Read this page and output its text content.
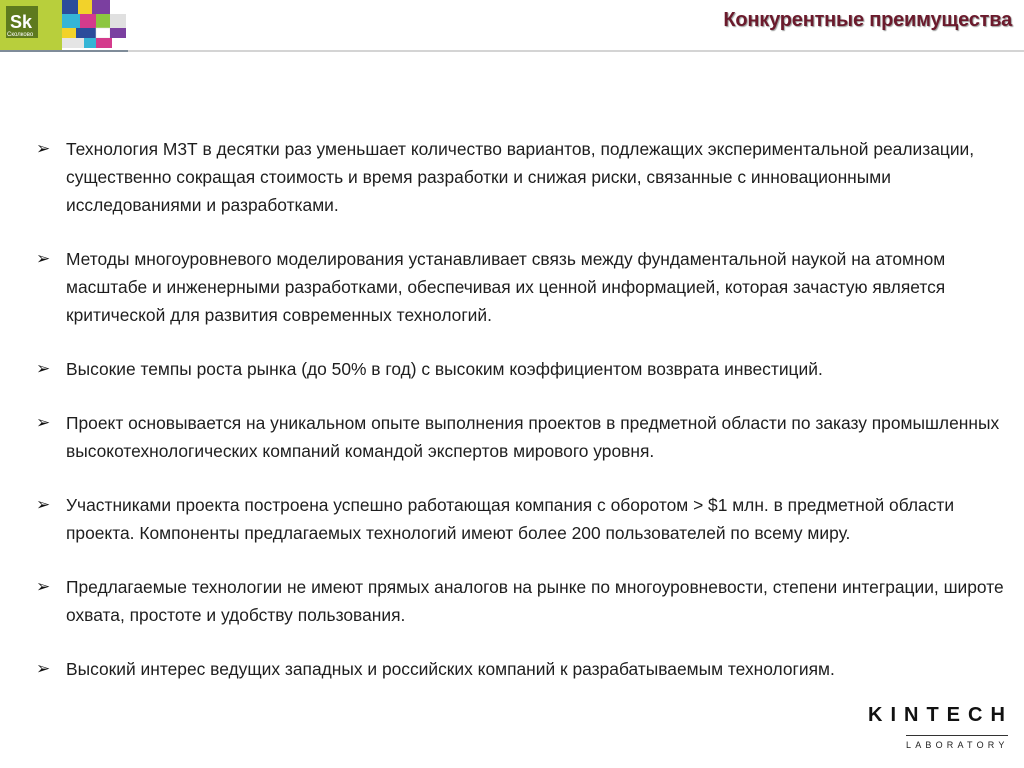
Sk
Сколково
Конкурентные преимущества
➢ Технология М3Т в десятки раз уменьшает количество вариантов, подлежащих экспериментальной реализации, существенно сокращая стоимость и время разработки и снижая риски, связанные с инновационными исследованиями и разработками.
➢ Методы многоуровневого моделирования устанавливает связь между фундаментальной наукой на атомном масштабе и инженерными разработками, обеспечивая их ценной информацией, которая зачастую является критической для развития современных технологий.
➢ Высокие темпы роста рынка (до 50% в год) с высоким коэффициентом возврата инвестиций.
➢ Проект основывается на уникальном опыте выполнения проектов в предметной области по заказу промышленных высокотехнологических компаний командой экспертов мирового уровня.
➢ Участниками проекта построена успешно работающая компания с оборотом > $1 млн. в предметной области проекта. Компоненты предлагаемых технологий имеют более 200 пользователей по всему миру.
➢ Предлагаемые технологии не имеют прямых аналогов на рынке по многоуровневости, степени интеграции, широте охвата, простоте и удобству пользования.
➢ Высокий интерес ведущих западных и российских компаний к разрабатываемым технологиям.
KINTECH
LABORATORY
